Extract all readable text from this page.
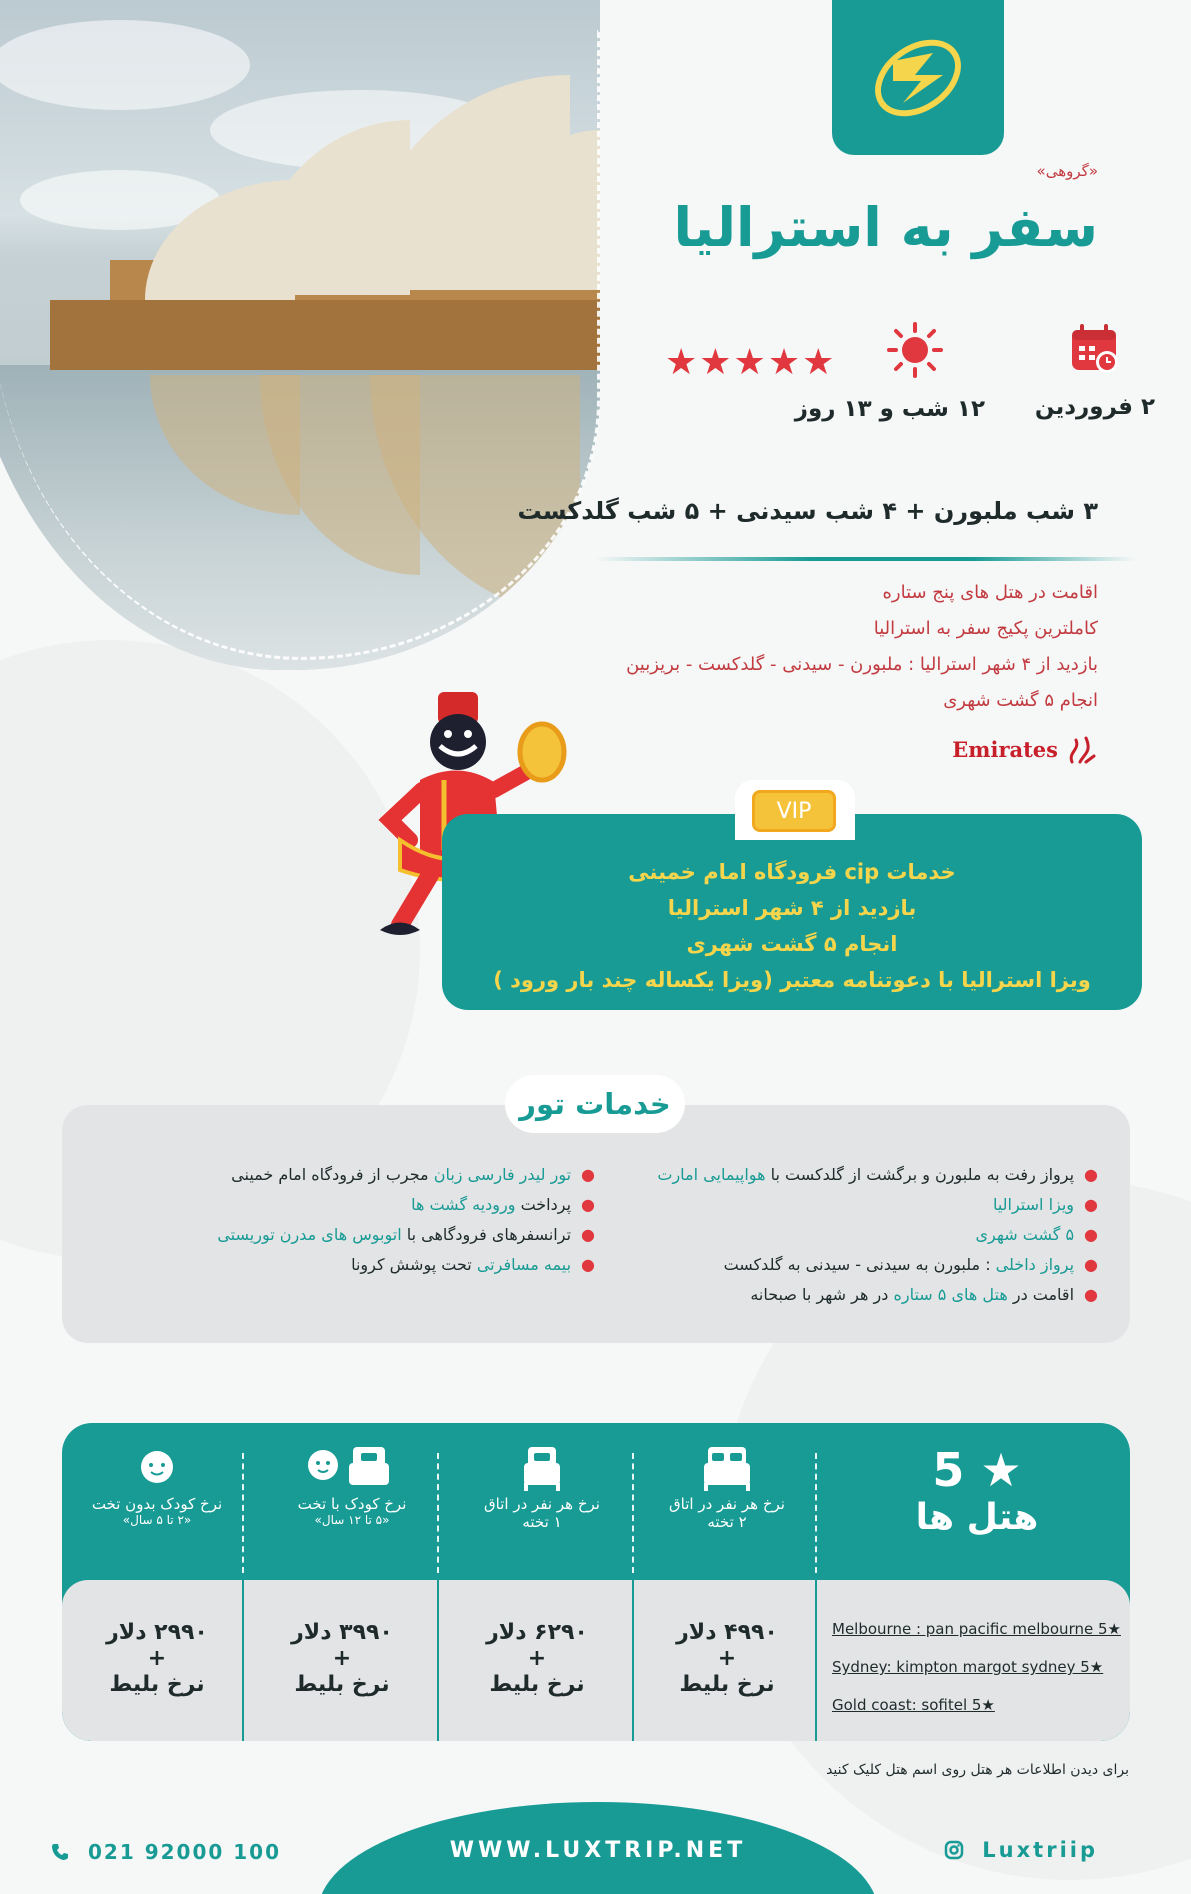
«گروهی»
سفر به استرالیا
۲ فروردین
۱۲ شب و ۱۳ روز
★★★★★
۳ شب ملبورن + ۴ شب سیدنی + ۵ شب گلدکست
اقامت در هتل های پنج ستاره
کاملترین پکیج سفر به استرالیا
بازدید از ۴ شهر استرالیا : ملبورن - سیدنی - گلدکست - بریزبین
انجام ۵ گشت شهری
Emirates
خدمات cip فرودگاه امام خمینی
بازدید از ۴ شهر استرالیا
انجام ۵ گشت شهری
ویزا استرالیا با دعوتنامه معتبر (ویزا یکساله چند بار ورود )
VIP
خدمات تور
●پرواز رفت به ملبورن و برگشت از گلدکست با هواپیمایی امارت
●ویزا استرالیا
●۵ گشت شهری
●پرواز داخلی : ملبورن به سیدنی - سیدنی به گلدکست
●اقامت در هتل های ۵ ستاره در هر شهر با صبحانه
●تور لیدر فارسی زبان مجرب از فرودگاه امام خمینی
●پرداخت ورودیه گشت ها
●ترانسفرهای فرودگاهی با اتوبوس های مدرن توریستی
●بیمه مسافرتی تحت پوشش کرونا
5 ★
هتل ها
نرخ هر نفر در اتاق
۲ تخته
نرخ هر نفر در اتاق
۱ تخته
نرخ کودک با تخت
«۵ تا ۱۲ سال»
نرخ کودک بدون تخت
«۲ تا ۵ سال»
Melbourne : pan pacific melbourne 5★
Sydney: kimpton margot sydney 5★
Gold coast: sofitel 5★
۴۹۹۰ دلار
+
نرخ بلیط
۶۲۹۰ دلار
+
نرخ بلیط
۳۹۹۰ دلار
+
نرخ بلیط
۲۹۹۰ دلار
+
نرخ بلیط
برای دیدن اطلاعات هر هتل روی اسم هتل کلیک کنید
WWW.LUXTRIP.NET
021 92000 100	Luxtriip
